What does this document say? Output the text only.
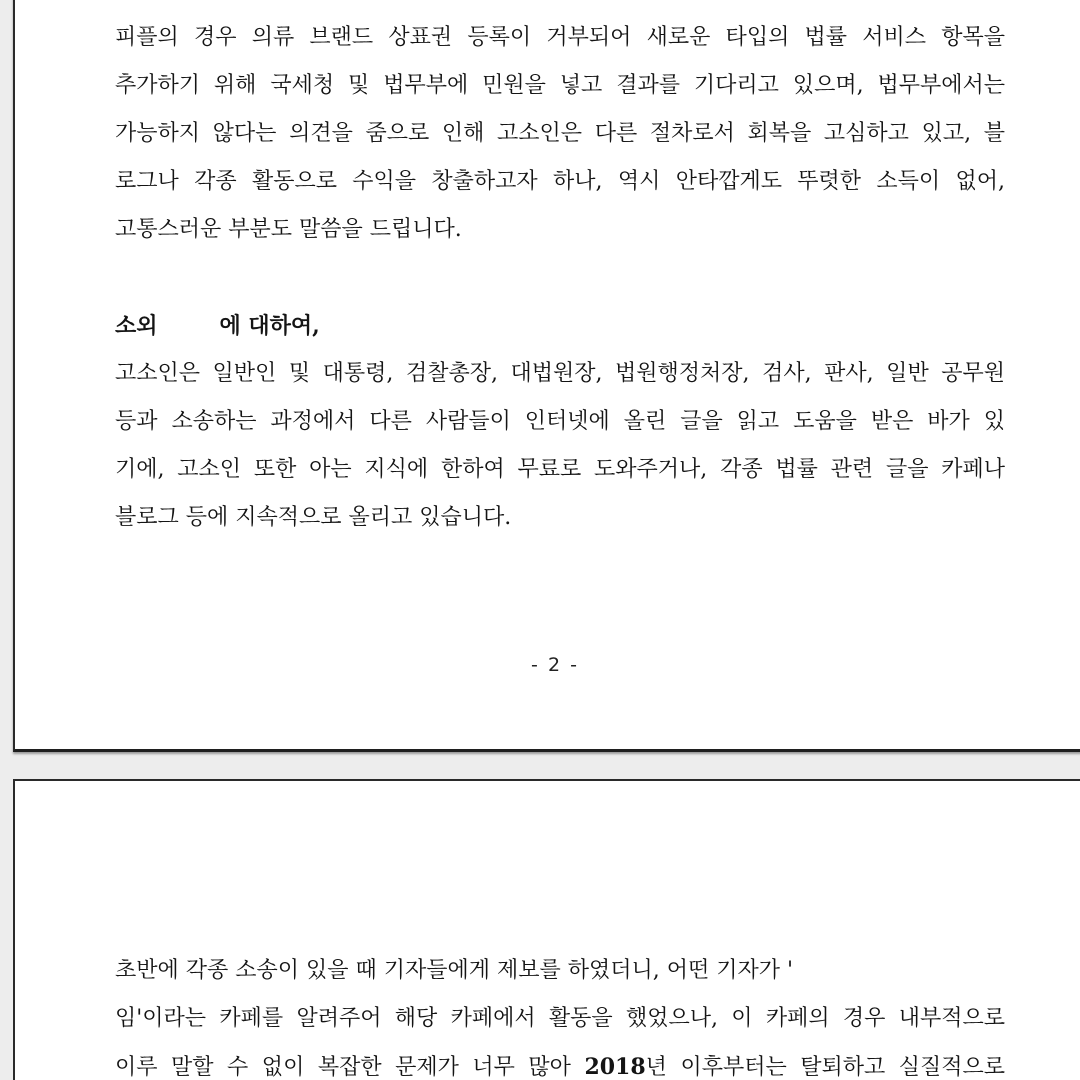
피플의 경우 의류 브랜드 상표권 등록이 거부되어 새로운 타입의 법률 서비스 항목을
추가하기 위해 국세청 및 법무부에 민원을 넣고 결과를 기다리고 있으며, 법무부에서는
가능하지 않다는 의견을 줌으로 인해 고소인은 다른 절차로서 회복을 고심하고 있고, 블
로그나 각종 활동으로 수익을 창출하고자 하나, 역시 안타깝게도 뚜렷한 소득이 없어,
고통스러운 부분도 말씀을 드립니다.

소외	에 대하여,

고소인은 일반인 및 대통령, 검찰총장, 대법원장, 법원행정처장, 검사, 판사, 일반 공무원
등과 소송하는 과정에서 다른 사람들이 인터넷에 올린 글을 읽고 도움을 받은 바가 있
기에, 고소인 또한 아는 지식에 한하여 무료로 도와주거나, 각종 법률 관련 글을 카페나
블로그 등에 지속적으로 올리고 있습니다.

- 2 -

초반에 각종 소송이 있을 때 기자들에게 제보를 하였더니, 어떤 기자가 '
임'이라는 카페를 알려주어 해당 카페에서 활동을 했었으나, 이 카페의 경우 내부적으로
이루 말할 수 없이 복잡한 문제가 너무 많아 2018년 이후부터는 탈퇴하고 실질적으로
